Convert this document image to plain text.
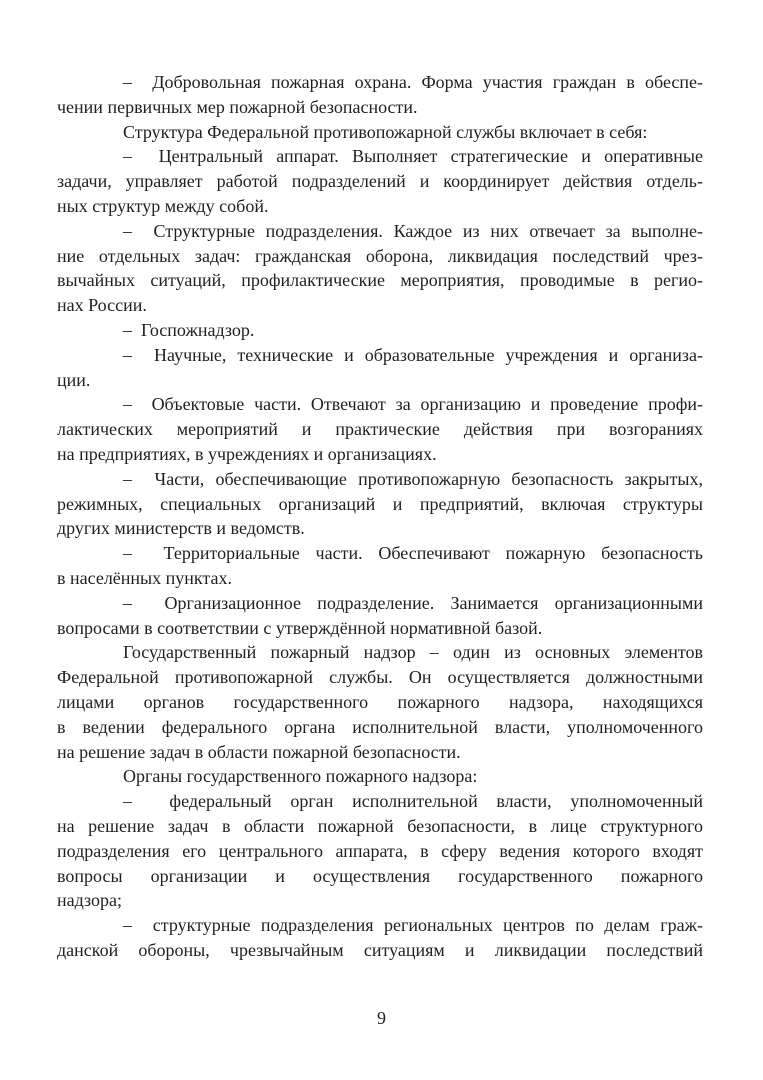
–  Добровольная пожарная охрана. Форма участия граждан в обеспе-
чении первичных мер пожарной безопасности.
Структура Федеральной противопожарной службы включает в себя:
–  Центральный аппарат. Выполняет стратегические и оперативные
задачи, управляет работой подразделений и координирует действия отдель-
ных структур между собой.
–  Структурные подразделения. Каждое из них отвечает за выполне-
ние отдельных задач: гражданская оборона, ликвидация последствий чрез-
вычайных ситуаций, профилактические мероприятия, проводимые в регио-
нах России.
–  Госпожнадзор.
–  Научные, технические и образовательные учреждения и организа-
ции.
–  Объектовые части. Отвечают за организацию и проведение профи-
лактических мероприятий и практические действия при возгораниях
на предприятиях, в учреждениях и организациях.
–  Части, обеспечивающие противопожарную безопасность закрытых,
режимных, специальных организаций и предприятий, включая структуры
других министерств и ведомств.
–  Территориальные части. Обеспечивают пожарную безопасность
в населённых пунктах.
–  Организационное подразделение. Занимается организационными
вопросами в соответствии с утверждённой нормативной базой.
Государственный пожарный надзор – один из основных элементов
Федеральной противопожарной службы. Он осуществляется должностными
лицами органов государственного пожарного надзора, находящихся
в ведении федерального органа исполнительной власти, уполномоченного
на решение задач в области пожарной безопасности.
Органы государственного пожарного надзора:
–  федеральный орган исполнительной власти, уполномоченный
на решение задач в области пожарной безопасности, в лице структурного
подразделения его центрального аппарата, в сферу ведения которого входят
вопросы организации и осуществления государственного пожарного
надзора;
–  структурные подразделения региональных центров по делам граж-
данской обороны, чрезвычайным ситуациям и ликвидации последствий
9
